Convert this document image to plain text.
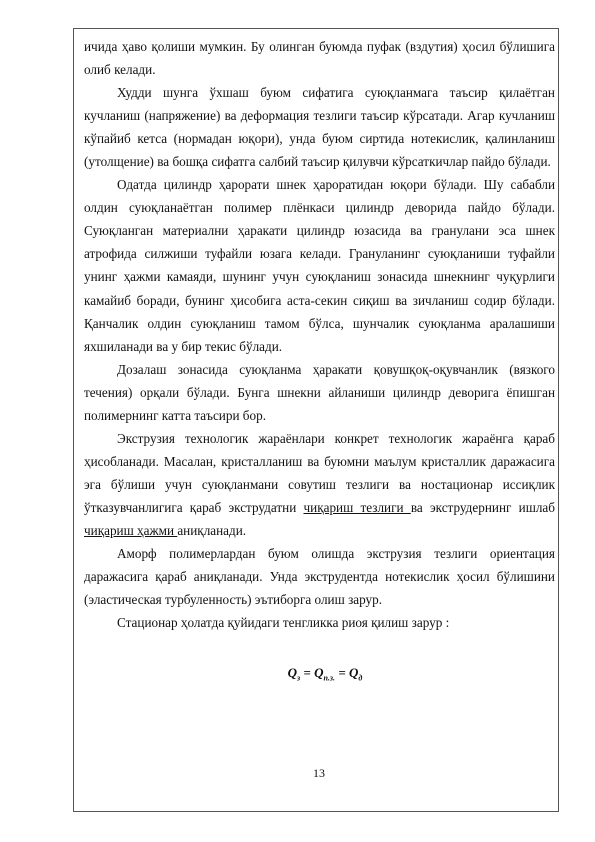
ичида ҳаво қолиши мумкин. Бу олинган буюмда пуфак (вздутия) ҳосил бўлишига олиб келади.

Худди шунга ўхшаш буюм сифатига суюқланмага таъсир қилаётган кучланиш (напряжение) ва деформация тезлиги таъсир кўрсатади. Агар кучланиш кўпайиб кетса (нормадан юқори), унда буюм сиртида нотекислик, қалинланиш (утолщение) ва бошқа сифатга салбий таъсир қилувчи кўрсаткичлар пайдо бўлади.

Одатда цилиндр ҳарорати шнек ҳароратидан юқори бўлади. Шу сабабли олдин суюқланаётган полимер плёнкаси цилиндр деворида пайдо бўлади. Суюқланган материални ҳаракати цилиндр юзасида ва гранулани эса шнек атрофида силжиши туфайли юзага келади. Грануланинг суюқланиши туфайли унинг ҳажми камаяди, шунинг учун суюқланиш зонасида шнекнинг чуқурлиги камайиб боради, бунинг ҳисобига аста-секин сиқиш ва зичланиш содир бўлади. Қанчалик олдин суюқланиш тамом бўлса, шунчалик суюқланма аралашиши яхшиланади ва у бир текис бўлади.

Дозалаш зонасида суюқланма ҳаракати қовушқоқ-оқувчанлик (вязкого течения) орқали бўлади. Бунга шнекни айланиши цилиндр деворига ёпишган полимернинг катта таъсири бор.

Экструзия технологик жараёнлари конкрет технологик жараёнга қараб ҳисобланади. Масалан, кристалланиш ва буюмни маълум кристаллик даражасига эга бўлиши учун суюқланмани совутиш тезлиги ва ностационар иссиқлик ўтказувчанлигига қараб экструдатни чиқариш тезлиги ва экструдернинг ишлаб чиқариш ҳажми аниқланади.

Аморф полимерлардан буюм олишда экструзия тезлиги ориентация даражасига қараб аниқланади. Унда экструдентда нотекислик ҳосил бўлишини (эластическая турбуленность) эътиборга олиш зарур.

Стационар ҳолатда қуйидаги тенгликка риоя қилиш зарур :

$Q_з = Q_{п.з.} = Q_д$
13
